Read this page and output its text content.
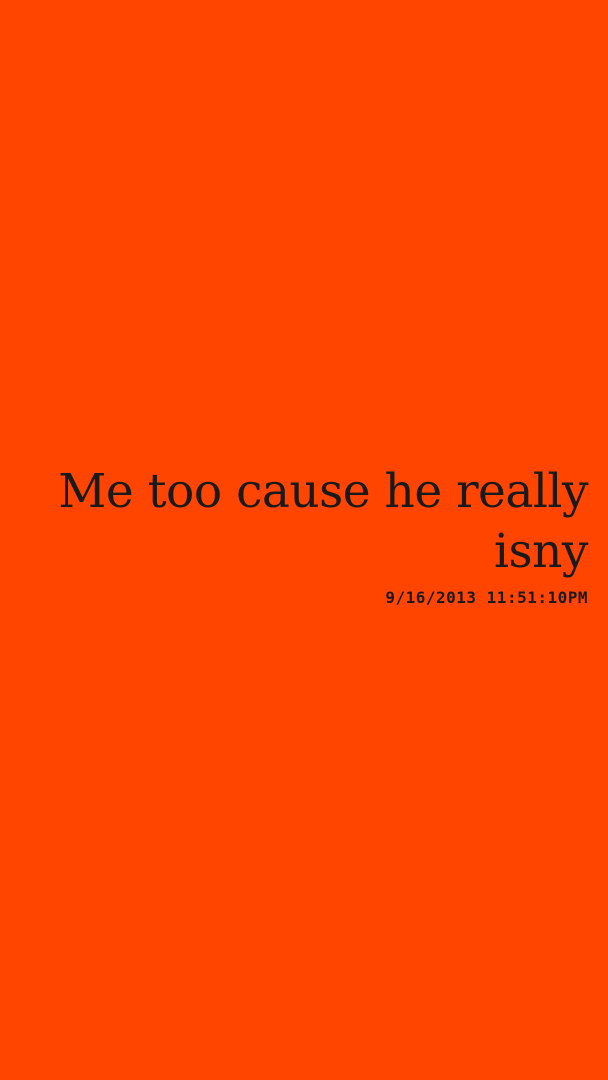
Me too cause he really isny

9/16/2013 11:51:10PM
